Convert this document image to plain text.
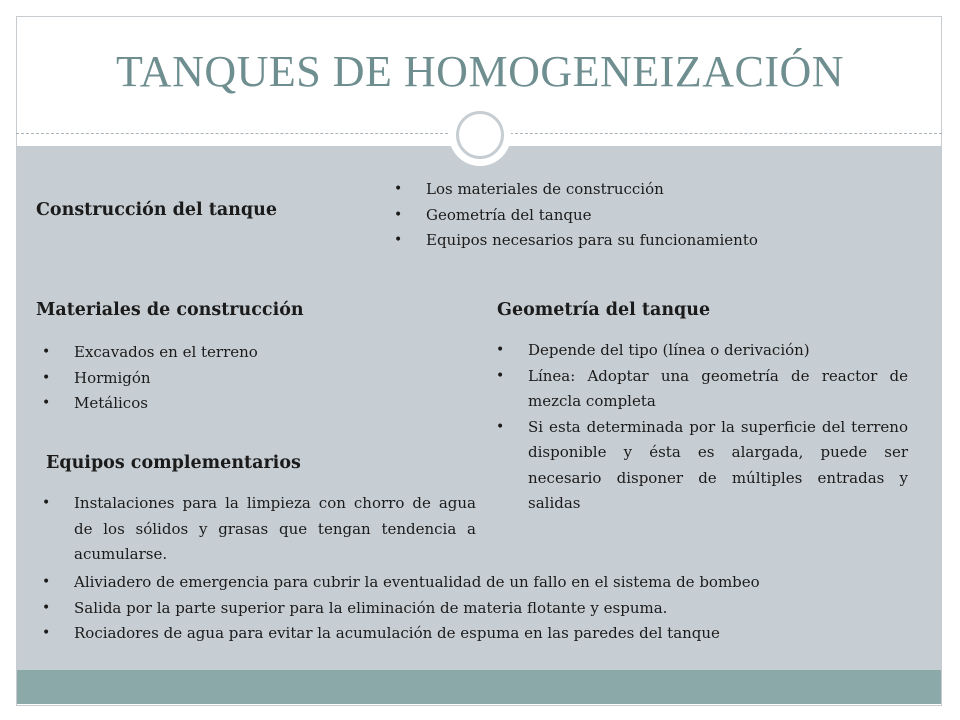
TANQUES DE HOMOGENEIZACIÓN
Construcción del tanque
• Los materiales de construcción
• Geometría del tanque
• Equipos necesarios para su funcionamiento
Materiales de construcción
• Excavados en el terreno
• Hormigón
• Metálicos
Geometría del tanque
• Depende del tipo (línea o derivación)
• Línea: Adoptar una geometría de reactor de mezcla completa
• Si esta determinada por la superficie del terreno disponible y ésta es alargada, puede ser necesario disponer de múltiples entradas y salidas
Equipos complementarios
• Instalaciones para la limpieza con chorro de agua de los sólidos y grasas que tengan tendencia a acumularse.
• Aliviadero de emergencia para cubrir la eventualidad de un fallo en el sistema de bombeo
• Salida por la parte superior para la eliminación de materia flotante y espuma.
• Rociadores de agua para evitar la acumulación de espuma en las paredes del tanque
